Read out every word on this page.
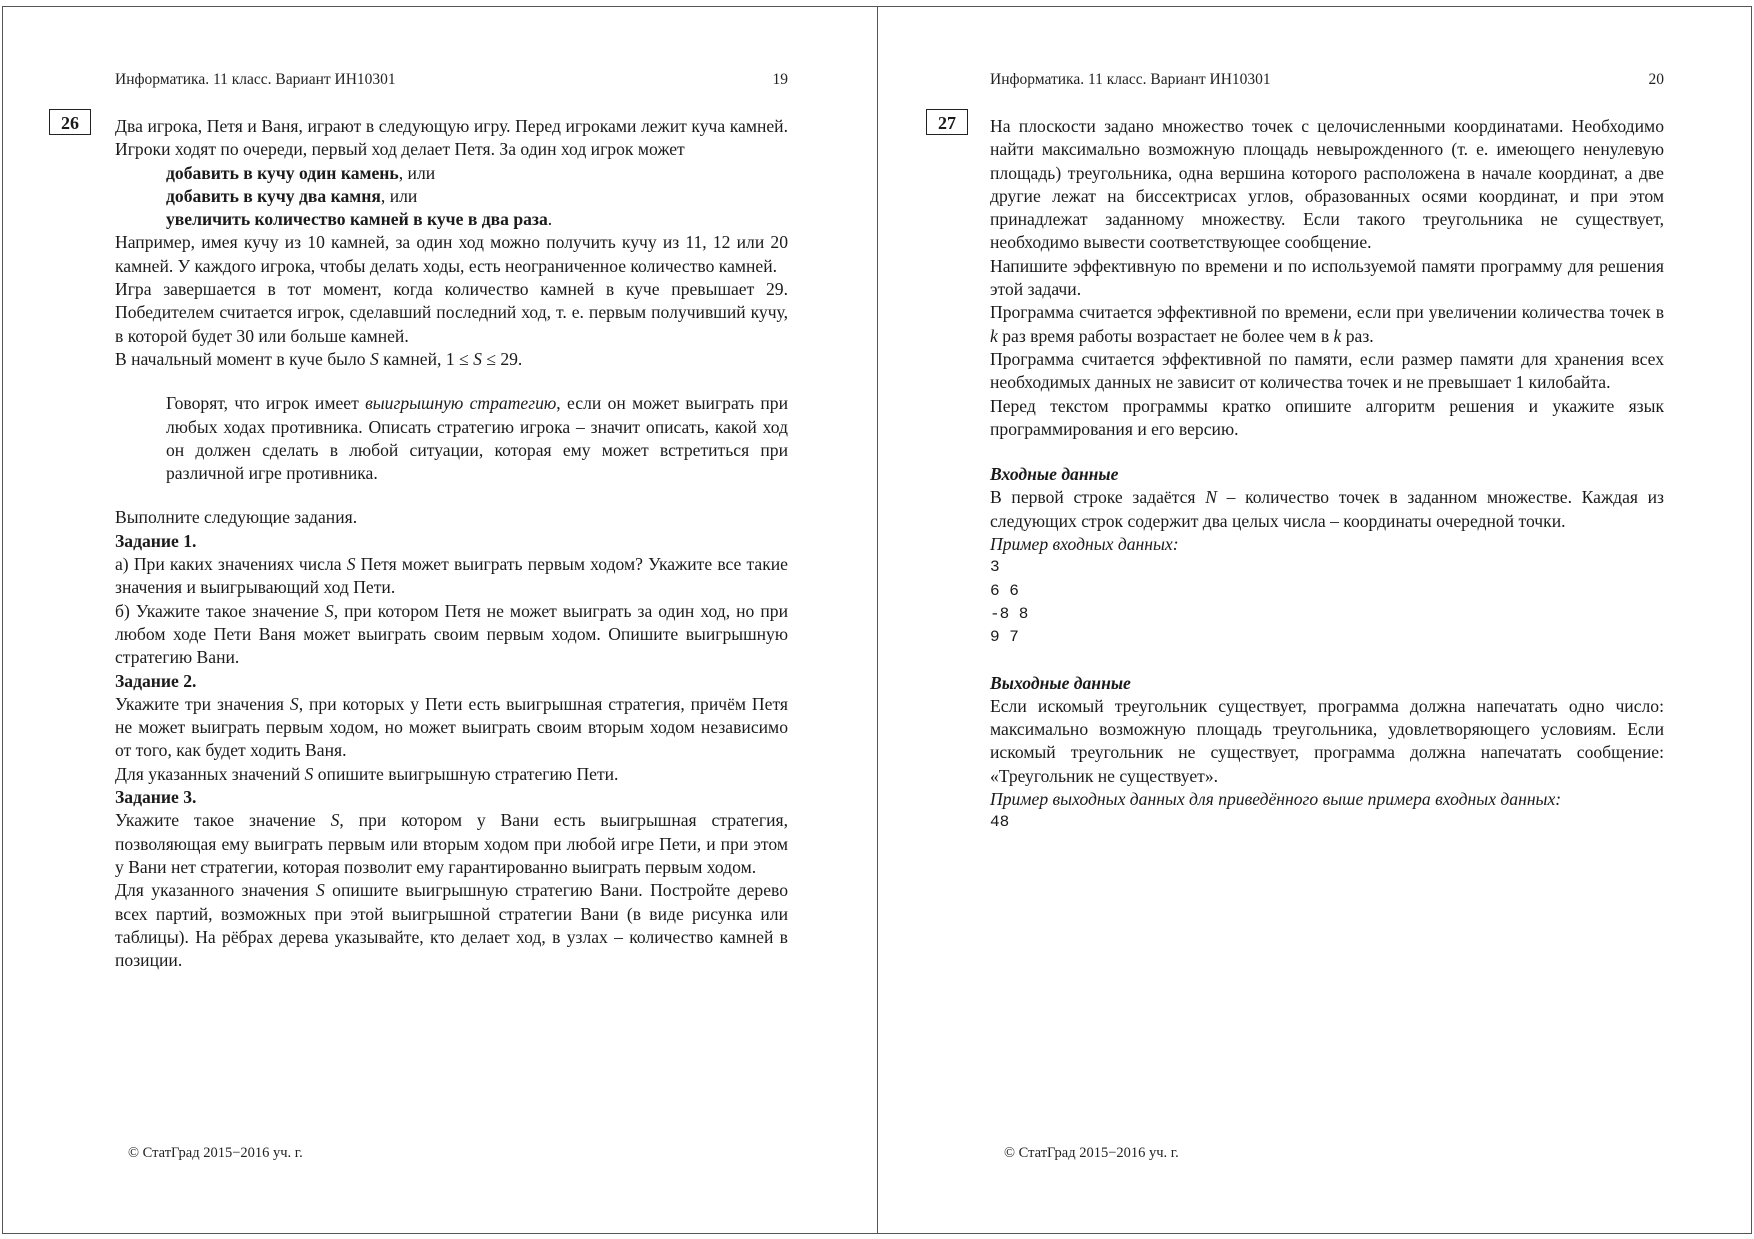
Информатика. 11 класс. Вариант ИН10301	19
26	Два игрока, Петя и Ваня, играют в следующую игру. Перед игроками лежит куча камней. Игроки ходят по очереди, первый ход делает Петя. За один ход игрок может

добавить в кучу один камень, или

добавить в кучу два камня, или

увеличить количество камней в куче в два раза.

Например, имея кучу из 10 камней, за один ход можно получить кучу из 11, 12 или 20 камней. У каждого игрока, чтобы делать ходы, есть неограниченное количество камней.

Игра завершается в тот момент, когда количество камней в куче превышает 29. Победителем считается игрок, сделавший последний ход, т. е. первым получивший кучу, в которой будет 30 или больше камней.

В начальный момент в куче было S камней, 1 ≤ S ≤ 29.

Говорят, что игрок имеет выигрышную стратегию, если он может выиграть при любых ходах противника. Описать стратегию игрока – значит описать, какой ход он должен сделать в любой ситуации, которая ему может встретиться при различной игре противника.

Выполните следующие задания.

Задание 1.

а) При каких значениях числа S Петя может выиграть первым ходом? Укажите все такие значения и выигрывающий ход Пети.

б) Укажите такое значение S, при котором Петя не может выиграть за один ход, но при любом ходе Пети Ваня может выиграть своим первым ходом. Опишите выигрышную стратегию Вани.

Задание 2.

Укажите три значения S, при которых у Пети есть выигрышная стратегия, причём Петя не может выиграть первым ходом, но может выиграть своим вторым ходом независимо от того, как будет ходить Ваня.

Для указанных значений S опишите выигрышную стратегию Пети.

Задание 3.

Укажите такое значение S, при котором у Вани есть выигрышная стратегия, позволяющая ему выиграть первым или вторым ходом при любой игре Пети, и при этом у Вани нет стратегии, которая позволит ему гарантированно выиграть первым ходом.

Для указанного значения S опишите выигрышную стратегию Вани. Постройте дерево всех партий, возможных при этой выигрышной стратегии Вани (в виде рисунка или таблицы). На рёбрах дерева указывайте, кто делает ход, в узлах – количество камней в позиции.

© СтатГрад 2015−2016 уч. г.
Информатика. 11 класс. Вариант ИН10301	20
27	На плоскости задано множество точек с целочисленными координатами. Необходимо найти максимально возможную площадь невырожденного (т. е. имеющего ненулевую площадь) треугольника, одна вершина которого расположена в начале координат, а две другие лежат на биссектрисах углов, образованных осями координат, и при этом принадлежат заданному множеству. Если такого треугольника не существует, необходимо вывести соответствующее сообщение.

Напишите эффективную по времени и по используемой памяти программу для решения этой задачи.

Программа считается эффективной по времени, если при увеличении количества точек в k раз время работы возрастает не более чем в k раз.

Программа считается эффективной по памяти, если размер памяти для хранения всех необходимых данных не зависит от количества точек и не превышает 1 килобайта.

Перед текстом программы кратко опишите алгоритм решения и укажите язык программирования и его версию.

Входные данные

В первой строке задаётся N – количество точек в заданном множестве. Каждая из следующих строк содержит два целых числа – координаты очередной точки.

Пример входных данных:

3

6 6

-8 8

9 7

Выходные данные

Если искомый треугольник существует, программа должна напечатать одно число: максимально возможную площадь треугольника, удовлетворяющего условиям. Если искомый треугольник не существует, программа должна напечатать сообщение: «Треугольник не существует».

Пример выходных данных для приведённого выше примера входных данных:

48

© СтатГрад 2015−2016 уч. г.
